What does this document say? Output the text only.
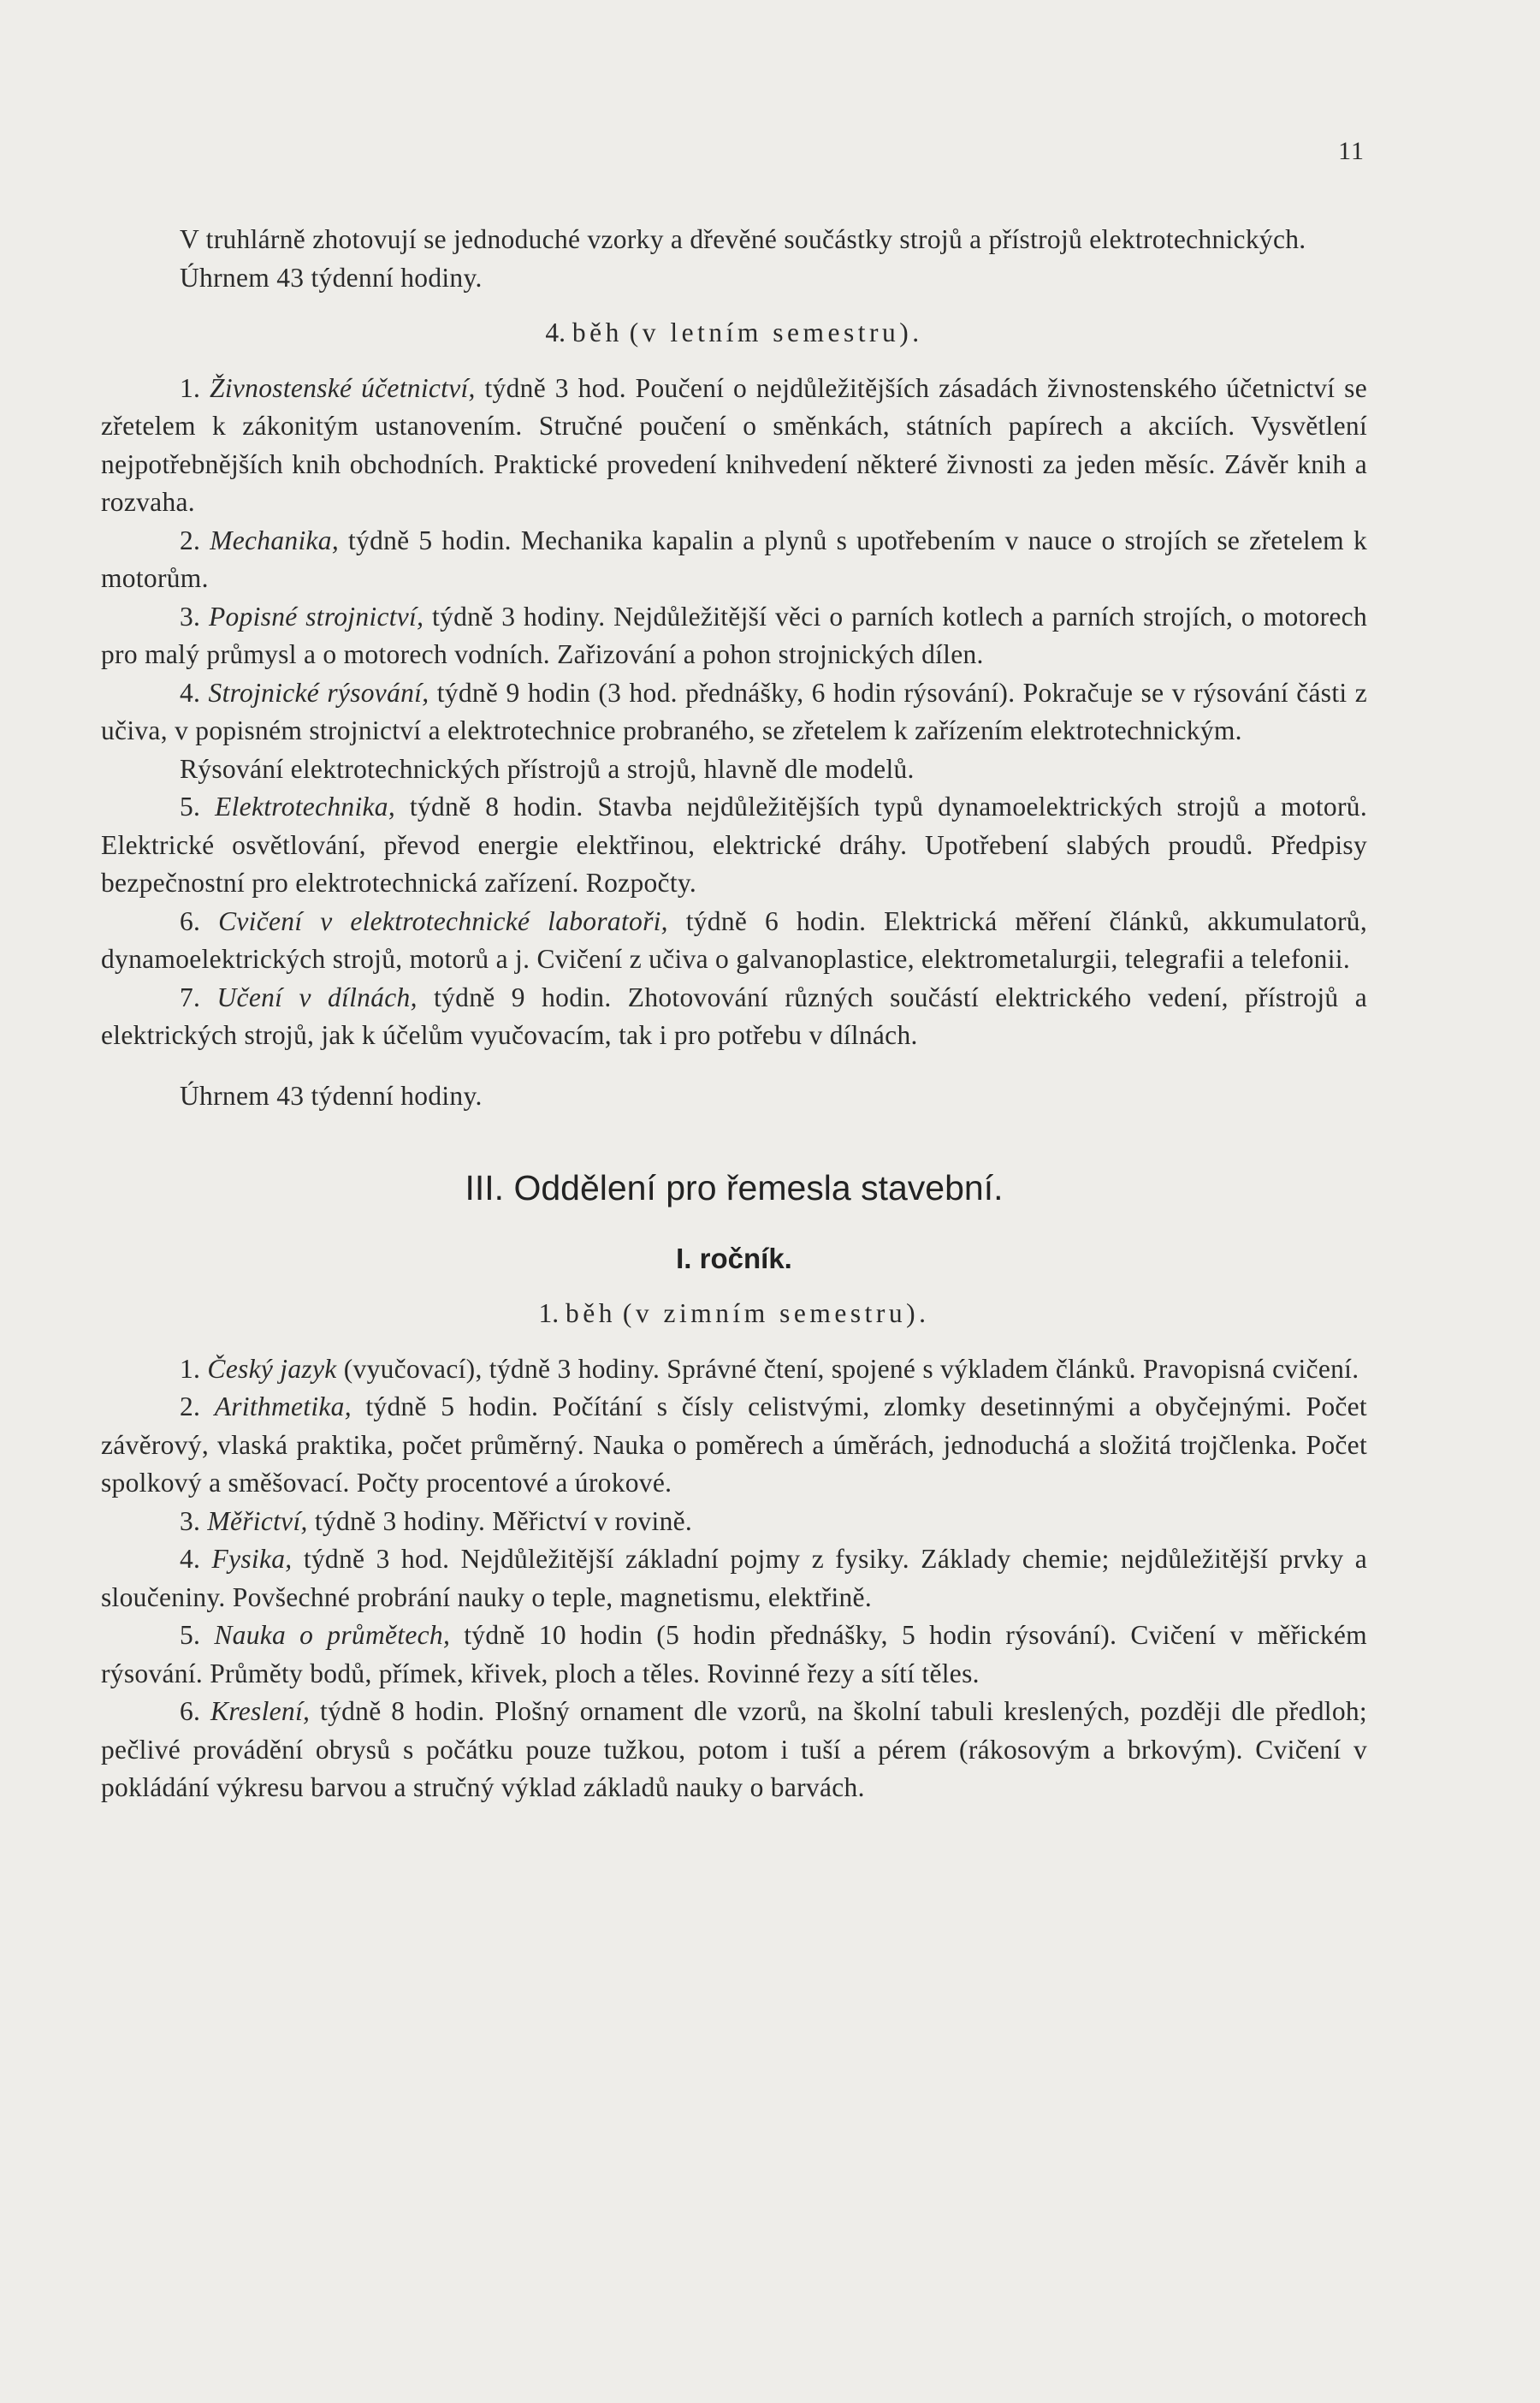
11

V truhlárně zhotovují se jednoduché vzorky a dřevěné součástky strojů a přístrojů elektrotechnických.

Úhrnem 43 týdenní hodiny.

4. běh (v letním semestru).

1. Živnostenské účetnictví, týdně 3 hod. Poučení o nejdůležitějších zásadách živnostenského účetnictví se zřetelem k zákonitým ustanovením. Stručné poučení o směnkách, státních papírech a akciích. Vysvětlení nejpotřebnějších knih obchodních. Praktické provedení knihvedení některé živnosti za jeden měsíc. Závěr knih a rozvaha.

2. Mechanika, týdně 5 hodin. Mechanika kapalin a plynů s upotřebením v nauce o strojích se zřetelem k motorům.

3. Popisné strojnictví, týdně 3 hodiny. Nejdůležitější věci o parních kotlech a parních strojích, o motorech pro malý průmysl a o motorech vodních. Zařizování a pohon strojnických dílen.

4. Strojnické rýsování, týdně 9 hodin (3 hod. přednášky, 6 hodin rýsování). Pokračuje se v rýsování části z učiva, v popisném strojnictví a elektrotechnice probraného, se zřetelem k zařízením elektrotechnickým.

Rýsování elektrotechnických přístrojů a strojů, hlavně dle modelů.

5. Elektrotechnika, týdně 8 hodin. Stavba nejdůležitějších typů dynamoelektrických strojů a motorů. Elektrické osvětlování, převod energie elektřinou, elektrické dráhy. Upotřebení slabých proudů. Předpisy bezpečnostní pro elektrotechnická zařízení. Rozpočty.

6. Cvičení v elektrotechnické laboratoři, týdně 6 hodin. Elektrická měření článků, akkumulatorů, dynamoelektrických strojů, motorů a j. Cvičení z učiva o galvanoplastice, elektrometalurgii, telegrafii a telefonii.

7. Učení v dílnách, týdně 9 hodin. Zhotovování různých součástí elektrického vedení, přístrojů a elektrických strojů, jak k účelům vyučovacím, tak i pro potřebu v dílnách.

Úhrnem 43 týdenní hodiny.

III. Oddělení pro řemesla stavební.

I. ročník.

1. běh (v zimním semestru).

1. Český jazyk (vyučovací), týdně 3 hodiny. Správné čtení, spojené s výkladem článků. Pravopisná cvičení.

2. Arithmetika, týdně 5 hodin. Počítání s čísly celistvými, zlomky desetinnými a obyčejnými. Počet závěrový, vlaská praktika, počet průměrný. Nauka o poměrech a úměrách, jednoduchá a složitá trojčlenka. Počet spolkový a směšovací. Počty procentové a úrokové.

3. Měřictví, týdně 3 hodiny. Měřictví v rovině.

4. Fysika, týdně 3 hod. Nejdůležitější základní pojmy z fysiky. Základy chemie; nejdůležitější prvky a sloučeniny. Povšechné probrání nauky o teple, magnetismu, elektřině.

5. Nauka o průmětech, týdně 10 hodin (5 hodin přednášky, 5 hodin rýsování). Cvičení v měřickém rýsování. Průměty bodů, přímek, křivek, ploch a těles. Rovinné řezy a sítí těles.

6. Kreslení, týdně 8 hodin. Plošný ornament dle vzorů, na školní tabuli kreslených, později dle předloh; pečlivé provádění obrysů s počátku pouze tužkou, potom i tuší a pérem (rákosovým a brkovým). Cvičení v pokládání výkresu barvou a stručný výklad základů nauky o barvách.
